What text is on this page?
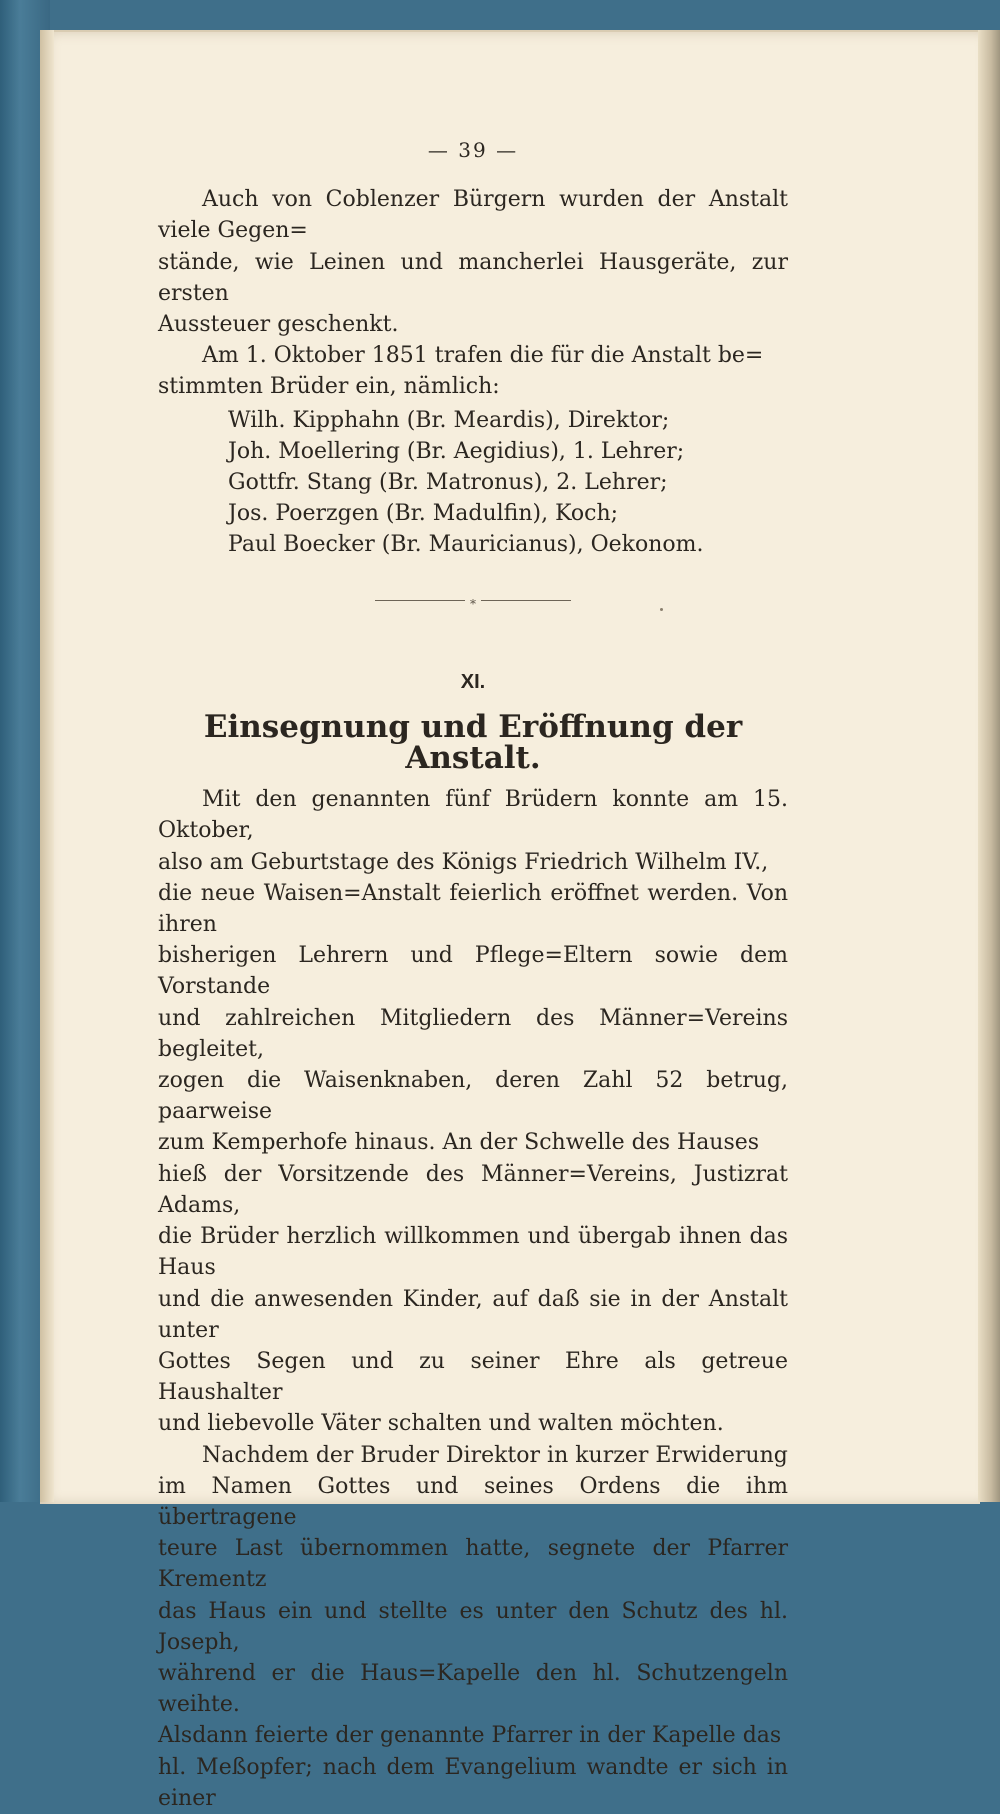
— 39 —
Auch von Coblenzer Bürgern wurden der Anstalt viele Gegen=
stände, wie Leinen und mancherlei Hausgeräte, zur ersten
Aussteuer geschenkt.
Am 1. Oktober 1851 trafen die für die Anstalt be=
stimmten Brüder ein, nämlich:
Wilh. Kipphahn (Br. Meardis), Direktor;
Joh. Moellering (Br. Aegidius), 1. Lehrer;
Gottfr. Stang (Br. Matronus), 2. Lehrer;
Jos. Poerzgen (Br. Madulfin), Koch;
Paul Boecker (Br. Mauricianus), Oekonom.
*
XI.
Einsegnung und Eröffnung der Anstalt.
Mit den genannten fünf Brüdern konnte am 15. Oktober,
also am Geburtstage des Königs Friedrich Wilhelm IV.,
die neue Waisen=Anstalt feierlich eröffnet werden. Von ihren
bisherigen Lehrern und Pflege=Eltern sowie dem Vorstande
und zahlreichen Mitgliedern des Männer=Vereins begleitet,
zogen die Waisenknaben, deren Zahl 52 betrug, paarweise
zum Kemperhofe hinaus. An der Schwelle des Hauses
hieß der Vorsitzende des Männer=Vereins, Justizrat Adams,
die Brüder herzlich willkommen und übergab ihnen das Haus
und die anwesenden Kinder, auf daß sie in der Anstalt unter
Gottes Segen und zu seiner Ehre als getreue Haushalter
und liebevolle Väter schalten und walten möchten.
Nachdem der Bruder Direktor in kurzer Erwiderung
im Namen Gottes und seines Ordens die ihm übertragene
teure Last übernommen hatte, segnete der Pfarrer Krementz
das Haus ein und stellte es unter den Schutz des hl. Joseph,
während er die Haus=Kapelle den hl. Schutzengeln weihte.
Alsdann feierte der genannte Pfarrer in der Kapelle das
hl. Meßopfer; nach dem Evangelium wandte er sich in einer
